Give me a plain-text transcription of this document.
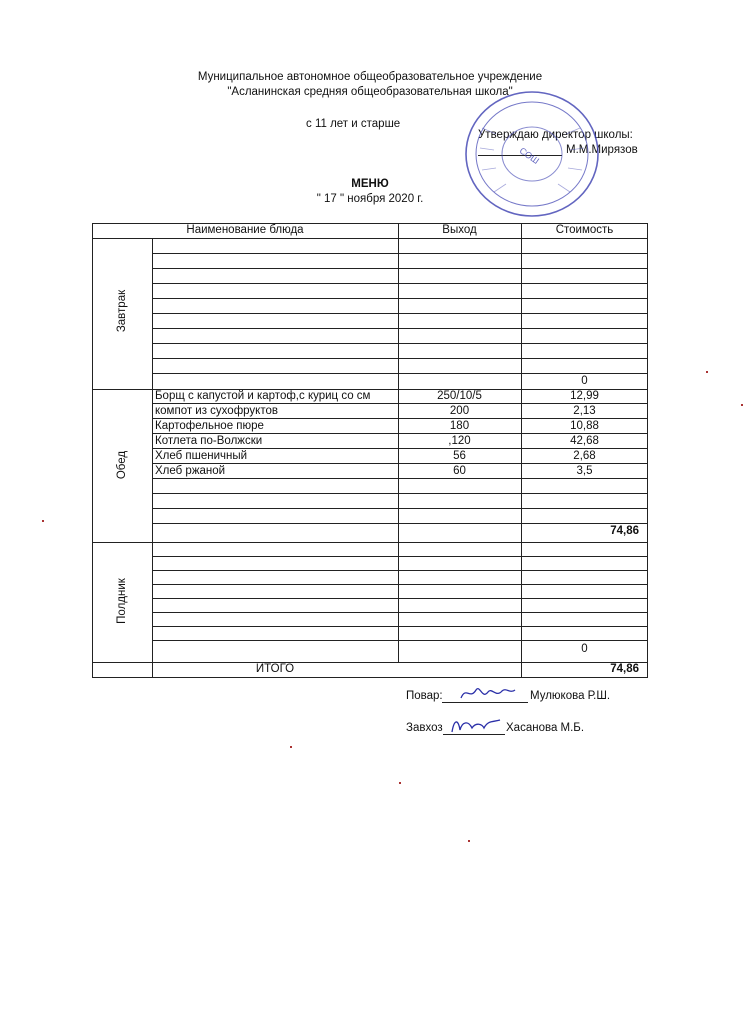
Муниципальное автономное общеобразовательное учреждение
"Асланинская средняя общеобразовательная школа"
с 11 лет и старше
Утверждаю директор школы:
М.М.Мирязов
СОШ
МЕНЮ
" 17 " ноября 2020 г.
Наименование блюда	Выход	Стоимость
Завтрак
0
Обед
Борщ с капустой и картоф,с куриц со см	250/10/5	12,99
компот из сухофруктов	200	2,13
Картофельное пюре	180	10,88
Котлета по-Волжски	,120	42,68
Хлеб пшеничный	56	2,68
Хлеб ржаной	60	3,5
74,86
Полдник
0
ИТОГО	74,86
Повар:	Мулюкова Р.Ш.
Завхоз	Хасанова М.Б.
